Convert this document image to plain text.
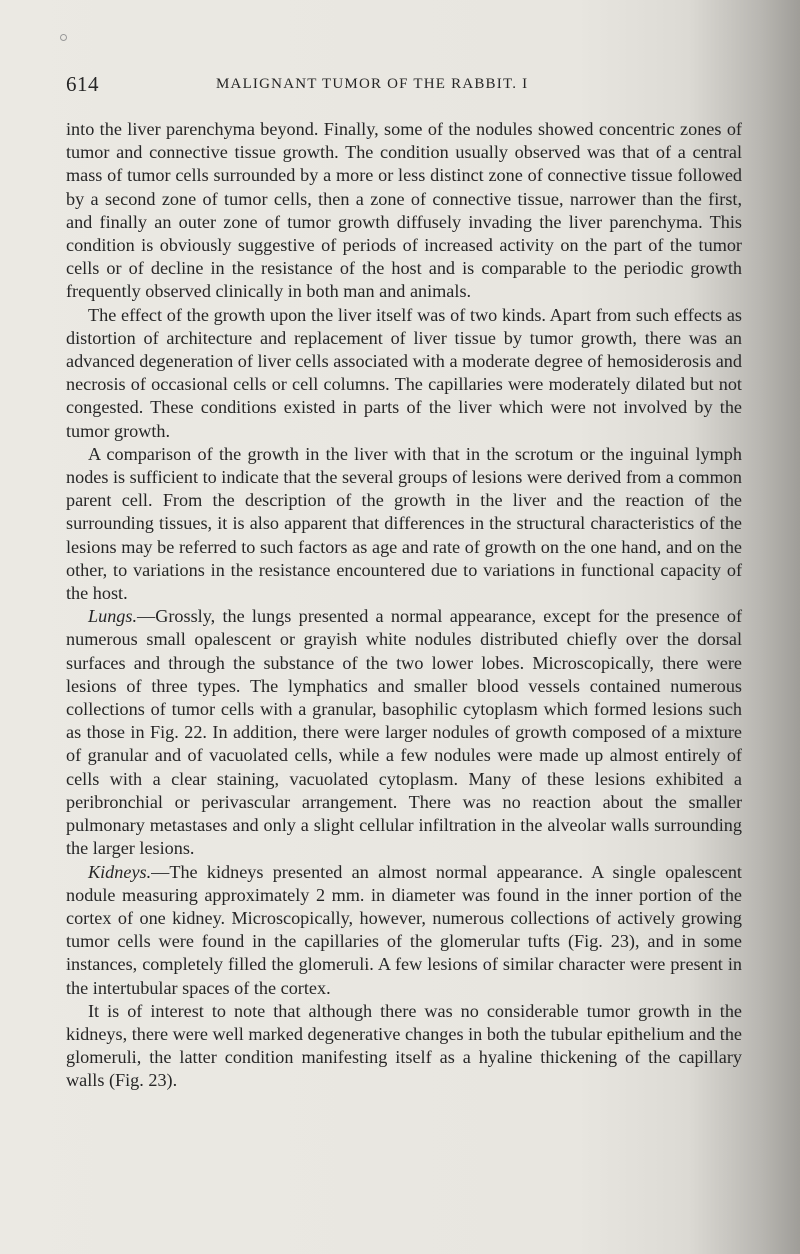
614	MALIGNANT TUMOR OF THE RABBIT. I

into the liver parenchyma beyond. Finally, some of the nodules showed concentric zones of tumor and connective tissue growth. The condition usually observed was that of a central mass of tumor cells surrounded by a more or less distinct zone of connective tissue followed by a second zone of tumor cells, then a zone of connective tissue, narrower than the first, and finally an outer zone of tumor growth diffusely invading the liver parenchyma. This condition is obviously suggestive of periods of increased activity on the part of the tumor cells or of decline in the resistance of the host and is comparable to the periodic growth frequently observed clinically in both man and animals.

The effect of the growth upon the liver itself was of two kinds. Apart from such effects as distortion of architecture and replacement of liver tissue by tumor growth, there was an advanced degeneration of liver cells associated with a moderate degree of hemosiderosis and necrosis of occasional cells or cell columns. The capillaries were moderately dilated but not congested. These conditions existed in parts of the liver which were not involved by the tumor growth.

A comparison of the growth in the liver with that in the scrotum or the inguinal lymph nodes is sufficient to indicate that the several groups of lesions were derived from a common parent cell. From the description of the growth in the liver and the reaction of the surrounding tissues, it is also apparent that differences in the structural characteristics of the lesions may be referred to such factors as age and rate of growth on the one hand, and on the other, to variations in the resistance encountered due to variations in functional capacity of the host.

Lungs.—Grossly, the lungs presented a normal appearance, except for the presence of numerous small opalescent or grayish white nodules distributed chiefly over the dorsal surfaces and through the substance of the two lower lobes. Microscopically, there were lesions of three types. The lymphatics and smaller blood vessels contained numerous collections of tumor cells with a granular, basophilic cytoplasm which formed lesions such as those in Fig. 22. In addition, there were larger nodules of growth composed of a mixture of granular and of vacuolated cells, while a few nodules were made up almost entirely of cells with a clear staining, vacuolated cytoplasm. Many of these lesions exhibited a peribronchial or perivascular arrangement. There was no reaction about the smaller pulmonary metastases and only a slight cellular infiltration in the alveolar walls surrounding the larger lesions.

Kidneys.—The kidneys presented an almost normal appearance. A single opalescent nodule measuring approximately 2 mm. in diameter was found in the inner portion of the cortex of one kidney. Microscopically, however, numerous collections of actively growing tumor cells were found in the capillaries of the glomerular tufts (Fig. 23), and in some instances, completely filled the glomeruli. A few lesions of similar character were present in the intertubular spaces of the cortex.

It is of interest to note that although there was no considerable tumor growth in the kidneys, there were well marked degenerative changes in both the tubular epithelium and the glomeruli, the latter condition manifesting itself as a hyaline thickening of the capillary walls (Fig. 23).
